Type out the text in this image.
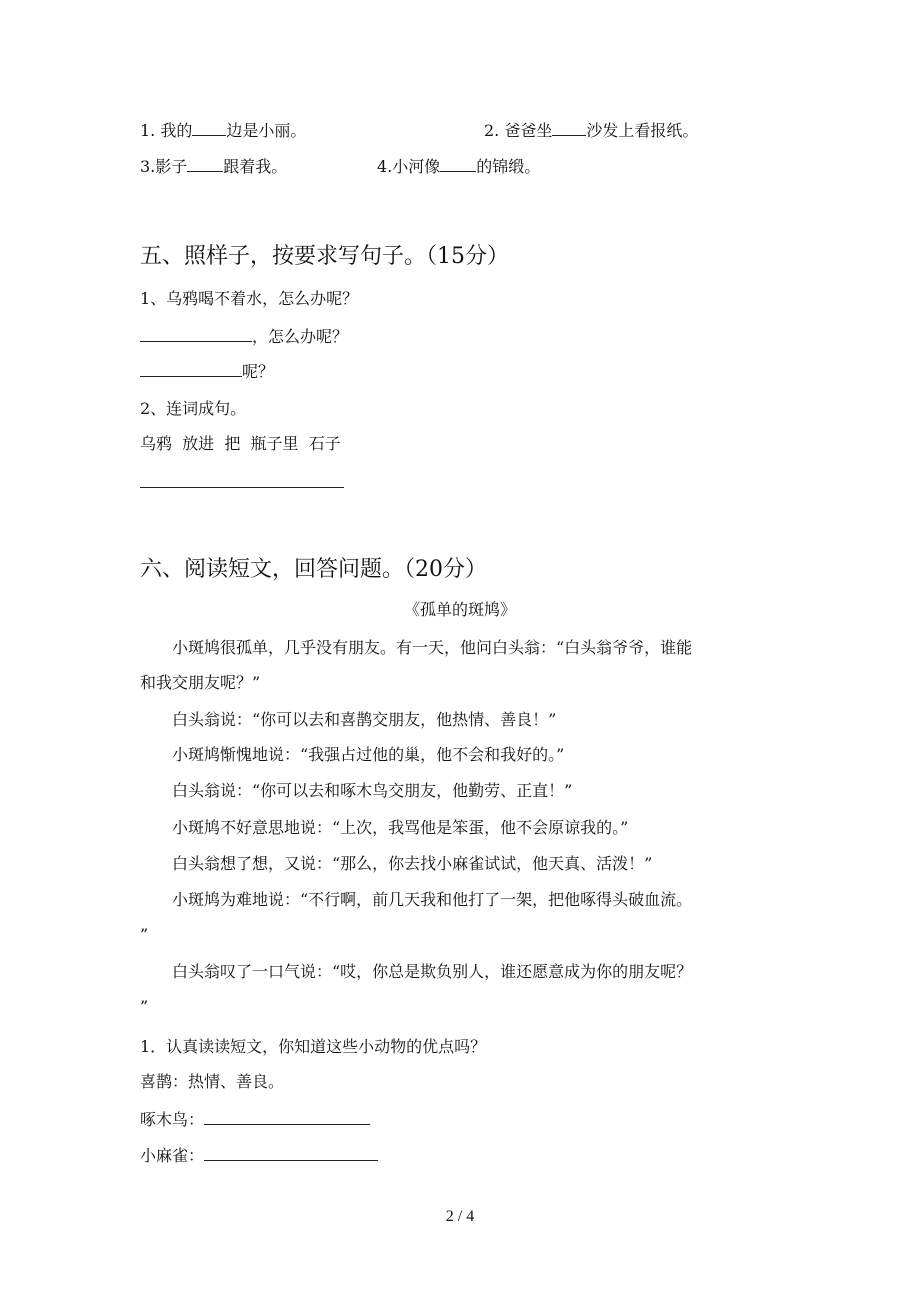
1. 我的 边是小丽。	2. 爸爸坐 沙发上看报纸。
3.影子 跟着我。	4.小河像 的锦缎。
五、照样子，按要求写句子。（15分）
1、乌鸦喝不着水，怎么办呢？
，怎么办呢？
呢？
2、连词成句。
乌鸦  放进  把  瓶子里  石子
六、阅读短文，回答问题。（20分）
《孤单的斑鸠》
小斑鸠很孤单，几乎没有朋友。有一天，他问白头翁：“白头翁爷爷，谁能
和我交朋友呢？”
白头翁说：“你可以去和喜鹊交朋友，他热情、善良！”
小斑鸠惭愧地说：“我强占过他的巢，他不会和我好的。”
白头翁说：“你可以去和啄木鸟交朋友，他勤劳、正直！”
小斑鸠不好意思地说：“上次，我骂他是笨蛋，他不会原谅我的。”
白头翁想了想，又说：“那么，你去找小麻雀试试，他天真、活泼！”
小斑鸠为难地说：“不行啊，前几天我和他打了一架，把他啄得头破血流。
”
白头翁叹了一口气说：“哎，你总是欺负别人，谁还愿意成为你的朋友呢？
”
1．认真读读短文，你知道这些小动物的优点吗？
喜鹊：热情、善良。
啄木鸟：
小麻雀：
2 / 4
